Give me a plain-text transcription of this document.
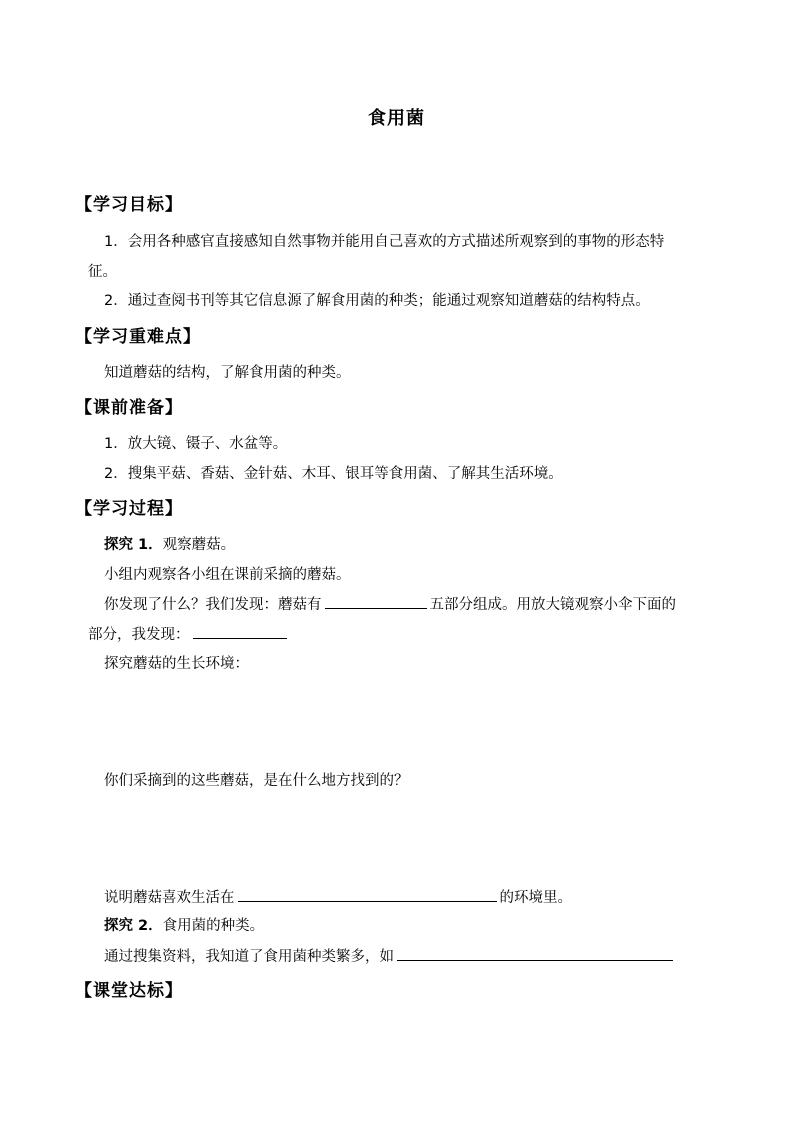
食用菌
【学习目标】
1．会用各种感官直接感知自然事物并能用自己喜欢的方式描述所观察到的事物的形态特
征。
2．通过查阅书刊等其它信息源了解食用菌的种类；能通过观察知道蘑菇的结构特点。
【学习重难点】
知道蘑菇的结构，了解食用菌的种类。
【课前准备】
1．放大镜、镊子、水盆等。
2．搜集平菇、香菇、金针菇、木耳、银耳等食用菌、了解其生活环境。
【学习过程】
探究 1．观察蘑菇。
小组内观察各小组在课前采摘的蘑菇。
你发现了什么？我们发现：蘑菇有	五部分组成。用放大镜观察小伞下面的
部分，我发现：
探究蘑菇的生长环境：
你们采摘到的这些蘑菇，是在什么地方找到的？
说明蘑菇喜欢生活在	的环境里。
探究 2．食用菌的种类。
通过搜集资料，我知道了食用菌种类繁多，如
【课堂达标】
